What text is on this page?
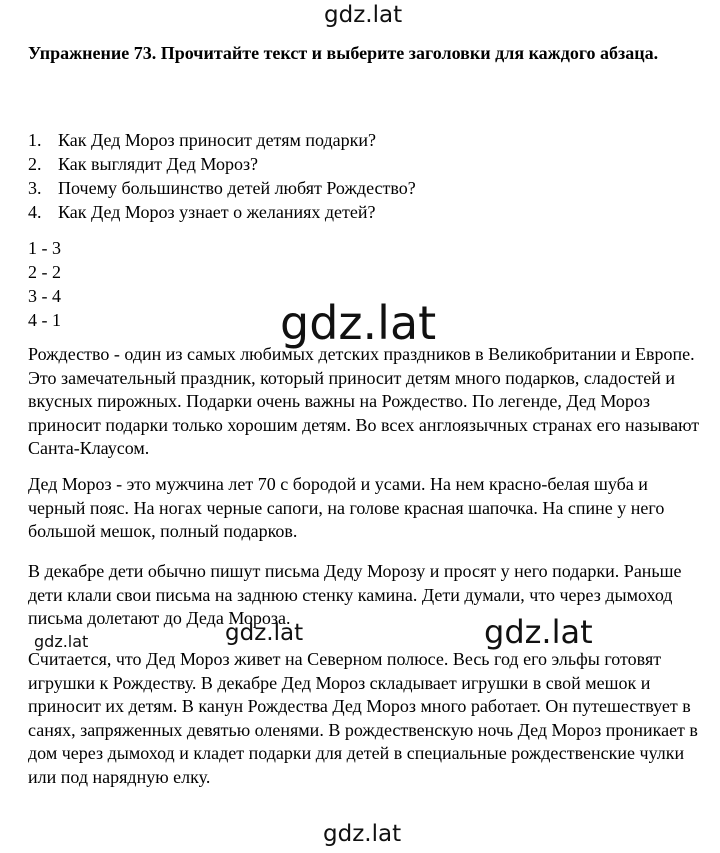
gdz.lat
Упражнение 73. Прочитайте текст и выберите заголовки для каждого абзаца.
1. Как Дед Мороз приносит детям подарки?
2. Как выглядит Дед Мороз?
3. Почему большинство детей любят Рождество?
4. Как Дед Мороз узнает о желаниях детей?
1 - 3
2 - 2
3 - 4
4 - 1

Рождество - один из самых любимых детских праздников в Великобритании и Европе. Это замечательный праздник, который приносит детям много подарков, сладостей и вкусных пирожных. Подарки очень важны на Рождество. По легенде, Дед Мороз приносит подарки только хорошим детям. Во всех англоязычных странах его называют Санта-Клаусом.

Дед Мороз - это мужчина лет 70 с бородой и усами. На нем красно-белая шуба и черный пояс. На ногах черные сапоги, на голове красная шапочка. На спине у него большой мешок, полный подарков.

В декабре дети обычно пишут письма Деду Морозу и просят у него подарки. Раньше дети клали свои письма на заднюю стенку камина. Дети думали, что через дымоход письма долетают до Деда Мороза.

Считается, что Дед Мороз живет на Северном полюсе. Весь год его эльфы готовят игрушки к Рождеству. В декабре Дед Мороз складывает игрушки в свой мешок и приносит их детям. В канун Рождества Дед Мороз много работает. Он путешествует в санях, запряженных девятью оленями. В рождественскую ночь Дед Мороз проникает в дом через дымоход и кладет подарки для детей в специальные рождественские чулки или под нарядную елку.

gdz.lat
gdz.lat	gdz.lat	gdz.lat
gdz.lat
